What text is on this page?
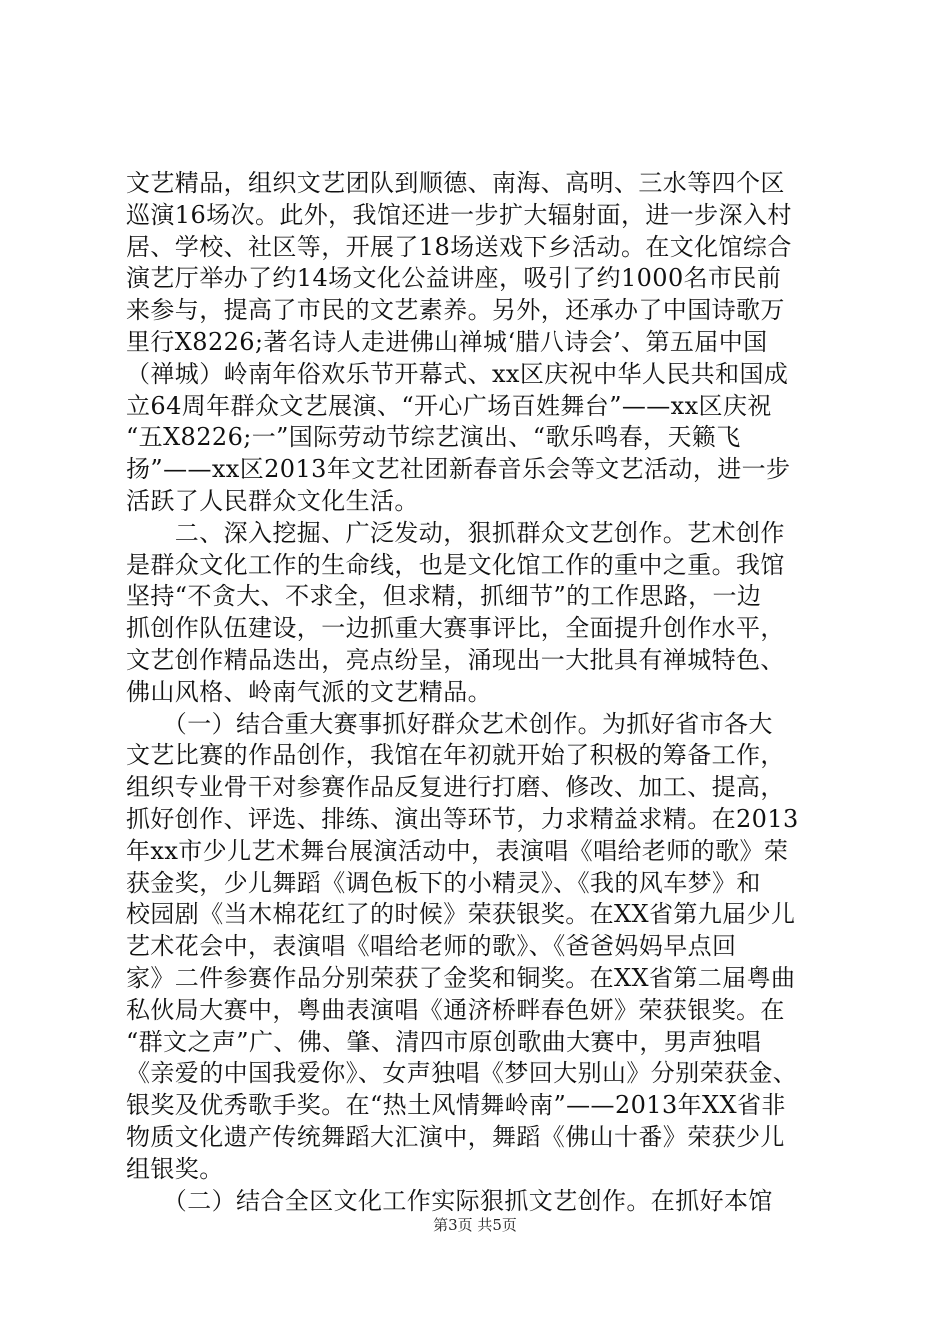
文艺精品，组织文艺团队到顺德、南海、高明、三水等四个区
巡演16场次。此外，我馆还进一步扩大辐射面，进一步深入村
居、学校、社区等，开展了18场送戏下乡活动。在文化馆综合
演艺厅举办了约14场文化公益讲座，吸引了约1000名市民前
来参与，提高了市民的文艺素养。另外，还承办了中国诗歌万
里行X8226;著名诗人走进佛山禅城‘腊八诗会’、第五届中国
（禅城）岭南年俗欢乐节开幕式、xx区庆祝中华人民共和国成
立64周年群众文艺展演、“开心广场百姓舞台”——xx区庆祝
“五X8226;一”国际劳动节综艺演出、“歌乐鸣春，天籁飞
扬”——xx区2013年文艺社团新春音乐会等文艺活动，进一步
活跃了人民群众文化生活。
　　二、深入挖掘、广泛发动，狠抓群众文艺创作。艺术创作
是群众文化工作的生命线，也是文化馆工作的重中之重。我馆
坚持“不贪大、不求全，但求精，抓细节”的工作思路，一边
抓创作队伍建设，一边抓重大赛事评比，全面提升创作水平，
文艺创作精品迭出，亮点纷呈，涌现出一大批具有禅城特色、
佛山风格、岭南气派的文艺精品。
　　（一）结合重大赛事抓好群众艺术创作。为抓好省市各大
文艺比赛的作品创作，我馆在年初就开始了积极的筹备工作，
组织专业骨干对参赛作品反复进行打磨、修改、加工、提高，
抓好创作、评选、排练、演出等环节，力求精益求精。在2013
年xx市少儿艺术舞台展演活动中，表演唱《唱给老师的歌》荣
获金奖，少儿舞蹈《调色板下的小精灵》、《我的风车梦》和
校园剧《当木棉花红了的时候》荣获银奖。在XX省第九届少儿
艺术花会中，表演唱《唱给老师的歌》、《爸爸妈妈早点回
家》二件参赛作品分别荣获了金奖和铜奖。在XX省第二届粤曲
私伙局大赛中，粤曲表演唱《通济桥畔春色妍》荣获银奖。在
“群文之声”广、佛、肇、清四市原创歌曲大赛中，男声独唱
《亲爱的中国我爱你》、女声独唱《梦回大别山》分别荣获金、
银奖及优秀歌手奖。在“热土风情舞岭南”——2013年XX省非
物质文化遗产传统舞蹈大汇演中，舞蹈《佛山十番》荣获少儿
组银奖。
　　（二）结合全区文化工作实际狠抓文艺创作。在抓好本馆
第3页 共5页
